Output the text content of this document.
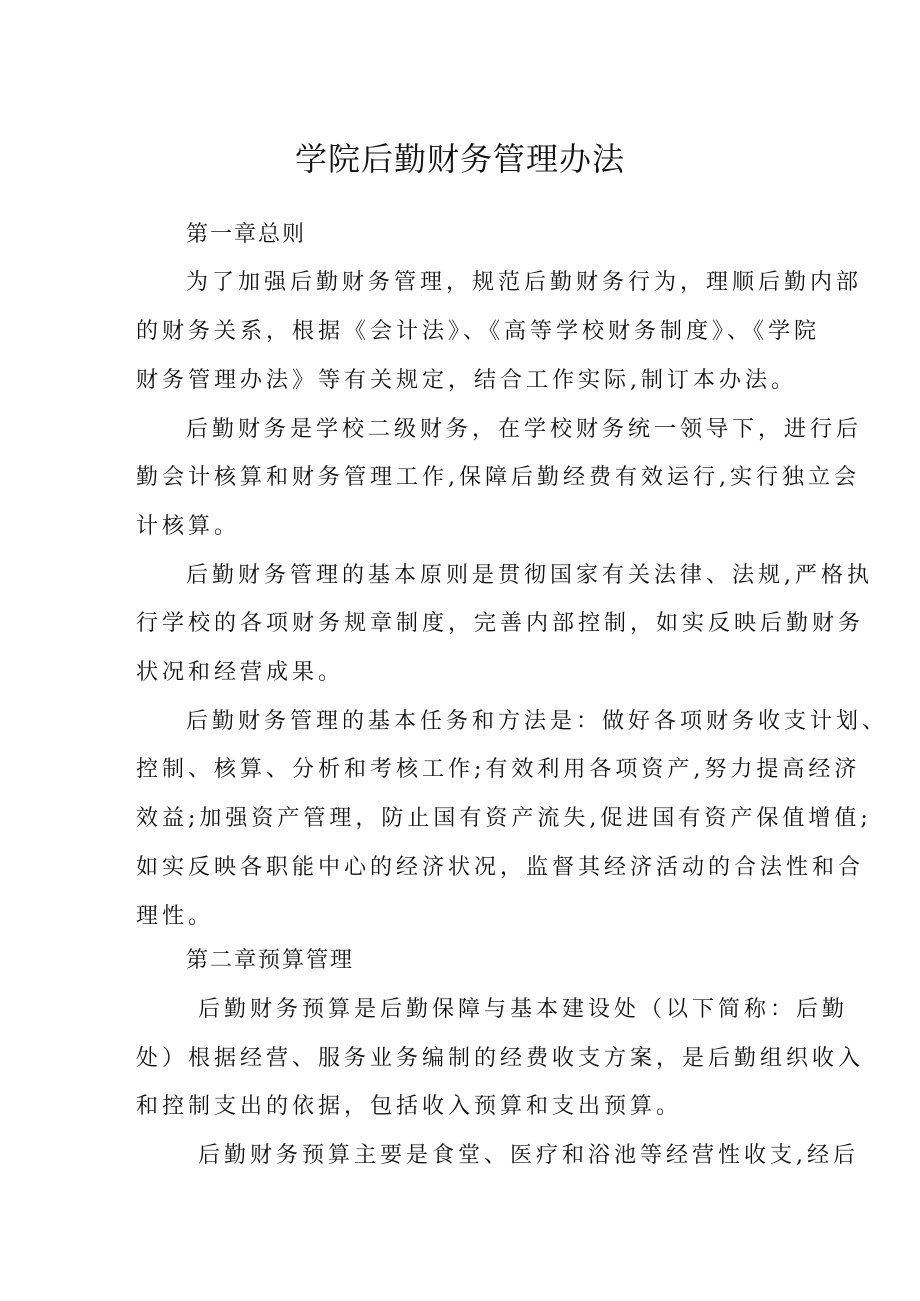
学院后勤财务管理办法
第一章总则
为了加强后勤财务管理，规范后勤财务行为，理顺后勤内部
的财务关系，根据《会计法》、《高等学校财务制度》、《学院
财务管理办法》等有关规定，结合工作实际,制订本办法。
后勤财务是学校二级财务，在学校财务统一领导下，进行后
勤会计核算和财务管理工作,保障后勤经费有效运行,实行独立会
计核算。
后勤财务管理的基本原则是贯彻国家有关法律、法规,严格执
行学校的各项财务规章制度，完善内部控制，如实反映后勤财务
状况和经营成果。
后勤财务管理的基本任务和方法是：做好各项财务收支计划、
控制、核算、分析和考核工作;有效利用各项资产,努力提高经济
效益;加强资产管理，防止国有资产流失,促进国有资产保值增值;
如实反映各职能中心的经济状况，监督其经济活动的合法性和合
理性。
第二章预算管理
后勤财务预算是后勤保障与基本建设处（以下简称：后勤
处）根据经营、服务业务编制的经费收支方案，是后勤组织收入
和控制支出的依据，包括收入预算和支出预算。
后勤财务预算主要是食堂、医疗和浴池等经营性收支,经后
